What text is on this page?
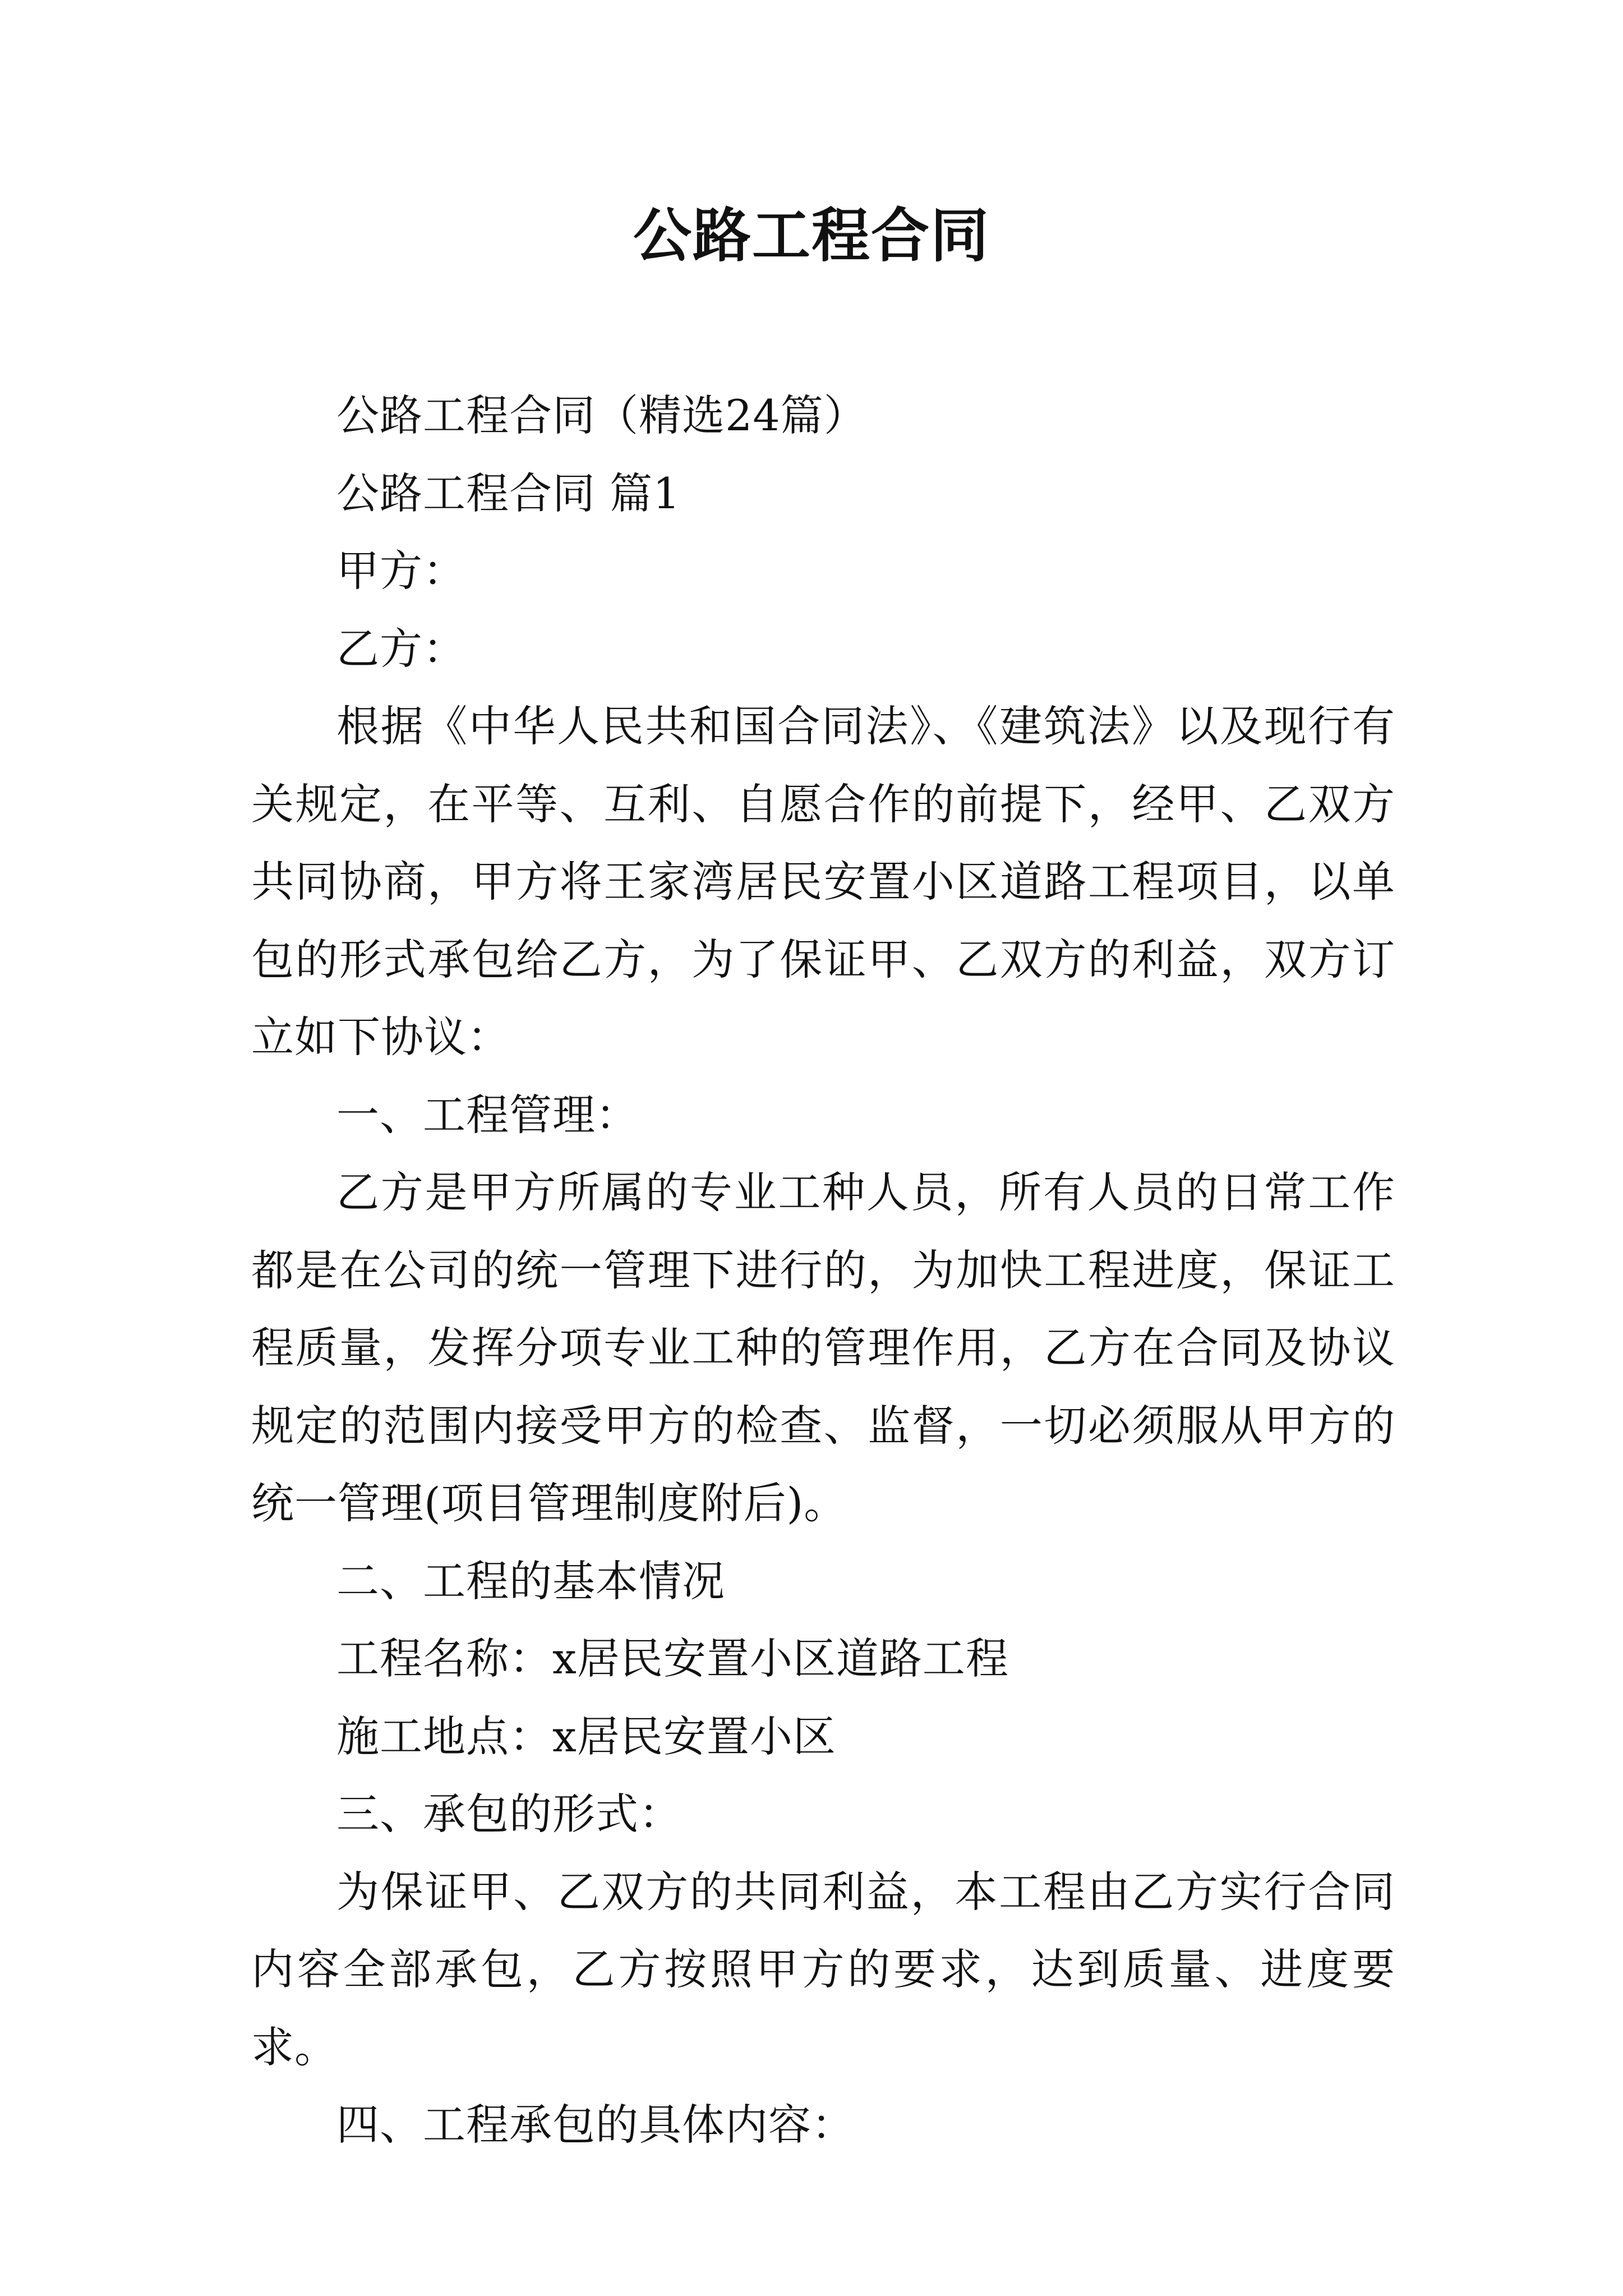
公路工程合同

公路工程合同（精选24篇）

公路工程合同 篇1

甲方：

乙方：

根据《中华人民共和国合同法》、《建筑法》以及现行有关规定，在平等、互利、自愿合作的前提下，经甲、乙双方共同协商，甲方将王家湾居民安置小区道路工程项目，以单包的形式承包给乙方，为了保证甲、乙双方的利益，双方订立如下协议：

一、工程管理：

乙方是甲方所属的专业工种人员，所有人员的日常工作都是在公司的统一管理下进行的，为加快工程进度，保证工程质量，发挥分项专业工种的管理作用，乙方在合同及协议规定的范围内接受甲方的检查、监督，一切必须服从甲方的统一管理(项目管理制度附后)。

二、工程的基本情况

工程名称：x居民安置小区道路工程

施工地点：x居民安置小区

三、承包的形式：

为保证甲、乙双方的共同利益，本工程由乙方实行合同内容全部承包，乙方按照甲方的要求，达到质量、进度要求。

四、工程承包的具体内容：
